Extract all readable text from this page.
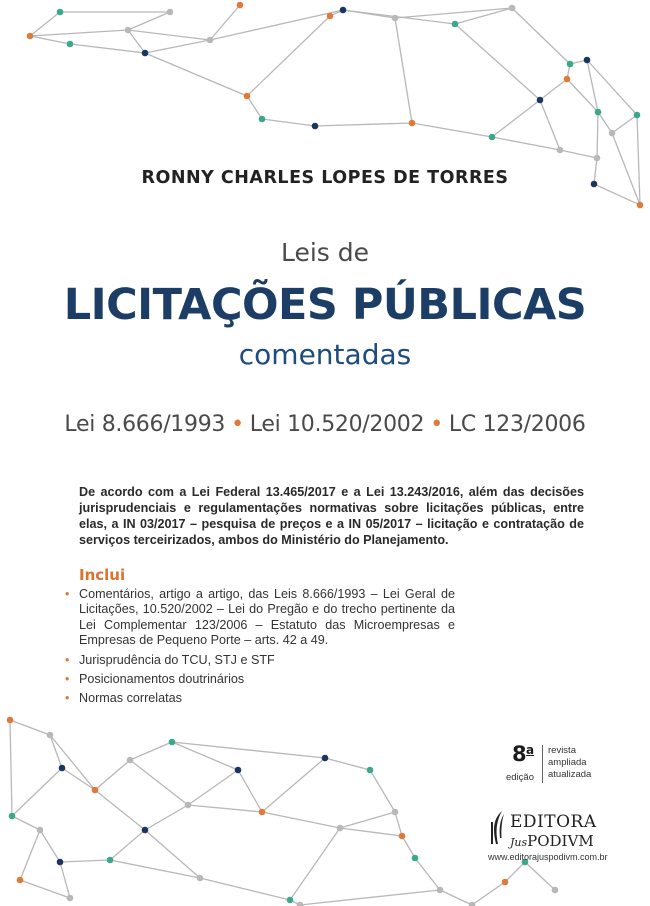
RONNY CHARLES LOPES DE TORRES
Leis de
LICITAÇÕES PÚBLICAS
comentadas
Lei 8.666/1993 • Lei 10.520/2002 • LC 123/2006
De acordo com a Lei Federal 13.465/2017 e a Lei 13.243/2016, além das decisões jurisprudenciais e regulamentações normativas sobre licitações públicas, entre elas, a IN 03/2017 – pesquisa de preços e a IN 05/2017 – licitação e contratação de serviços terceirizados, ambos do Ministério do Planejamento.
Inclui
• Comentários, artigo a artigo, das Leis 8.666/1993 – Lei Geral de Licitações, 10.520/2002 – Lei do Pregão e do trecho pertinente da Lei Complementar 123/2006 – Estatuto das Microempresas e Empresas de Pequeno Porte – arts. 42 a 49.
• Jurisprudência do TCU, STJ e STF
• Posicionamentos doutrinários
• Normas correlatas
8 a
edição
revista
ampliada
atualizada
EDITORA
JusPODIVM
www.editorajuspodivm.com.br
